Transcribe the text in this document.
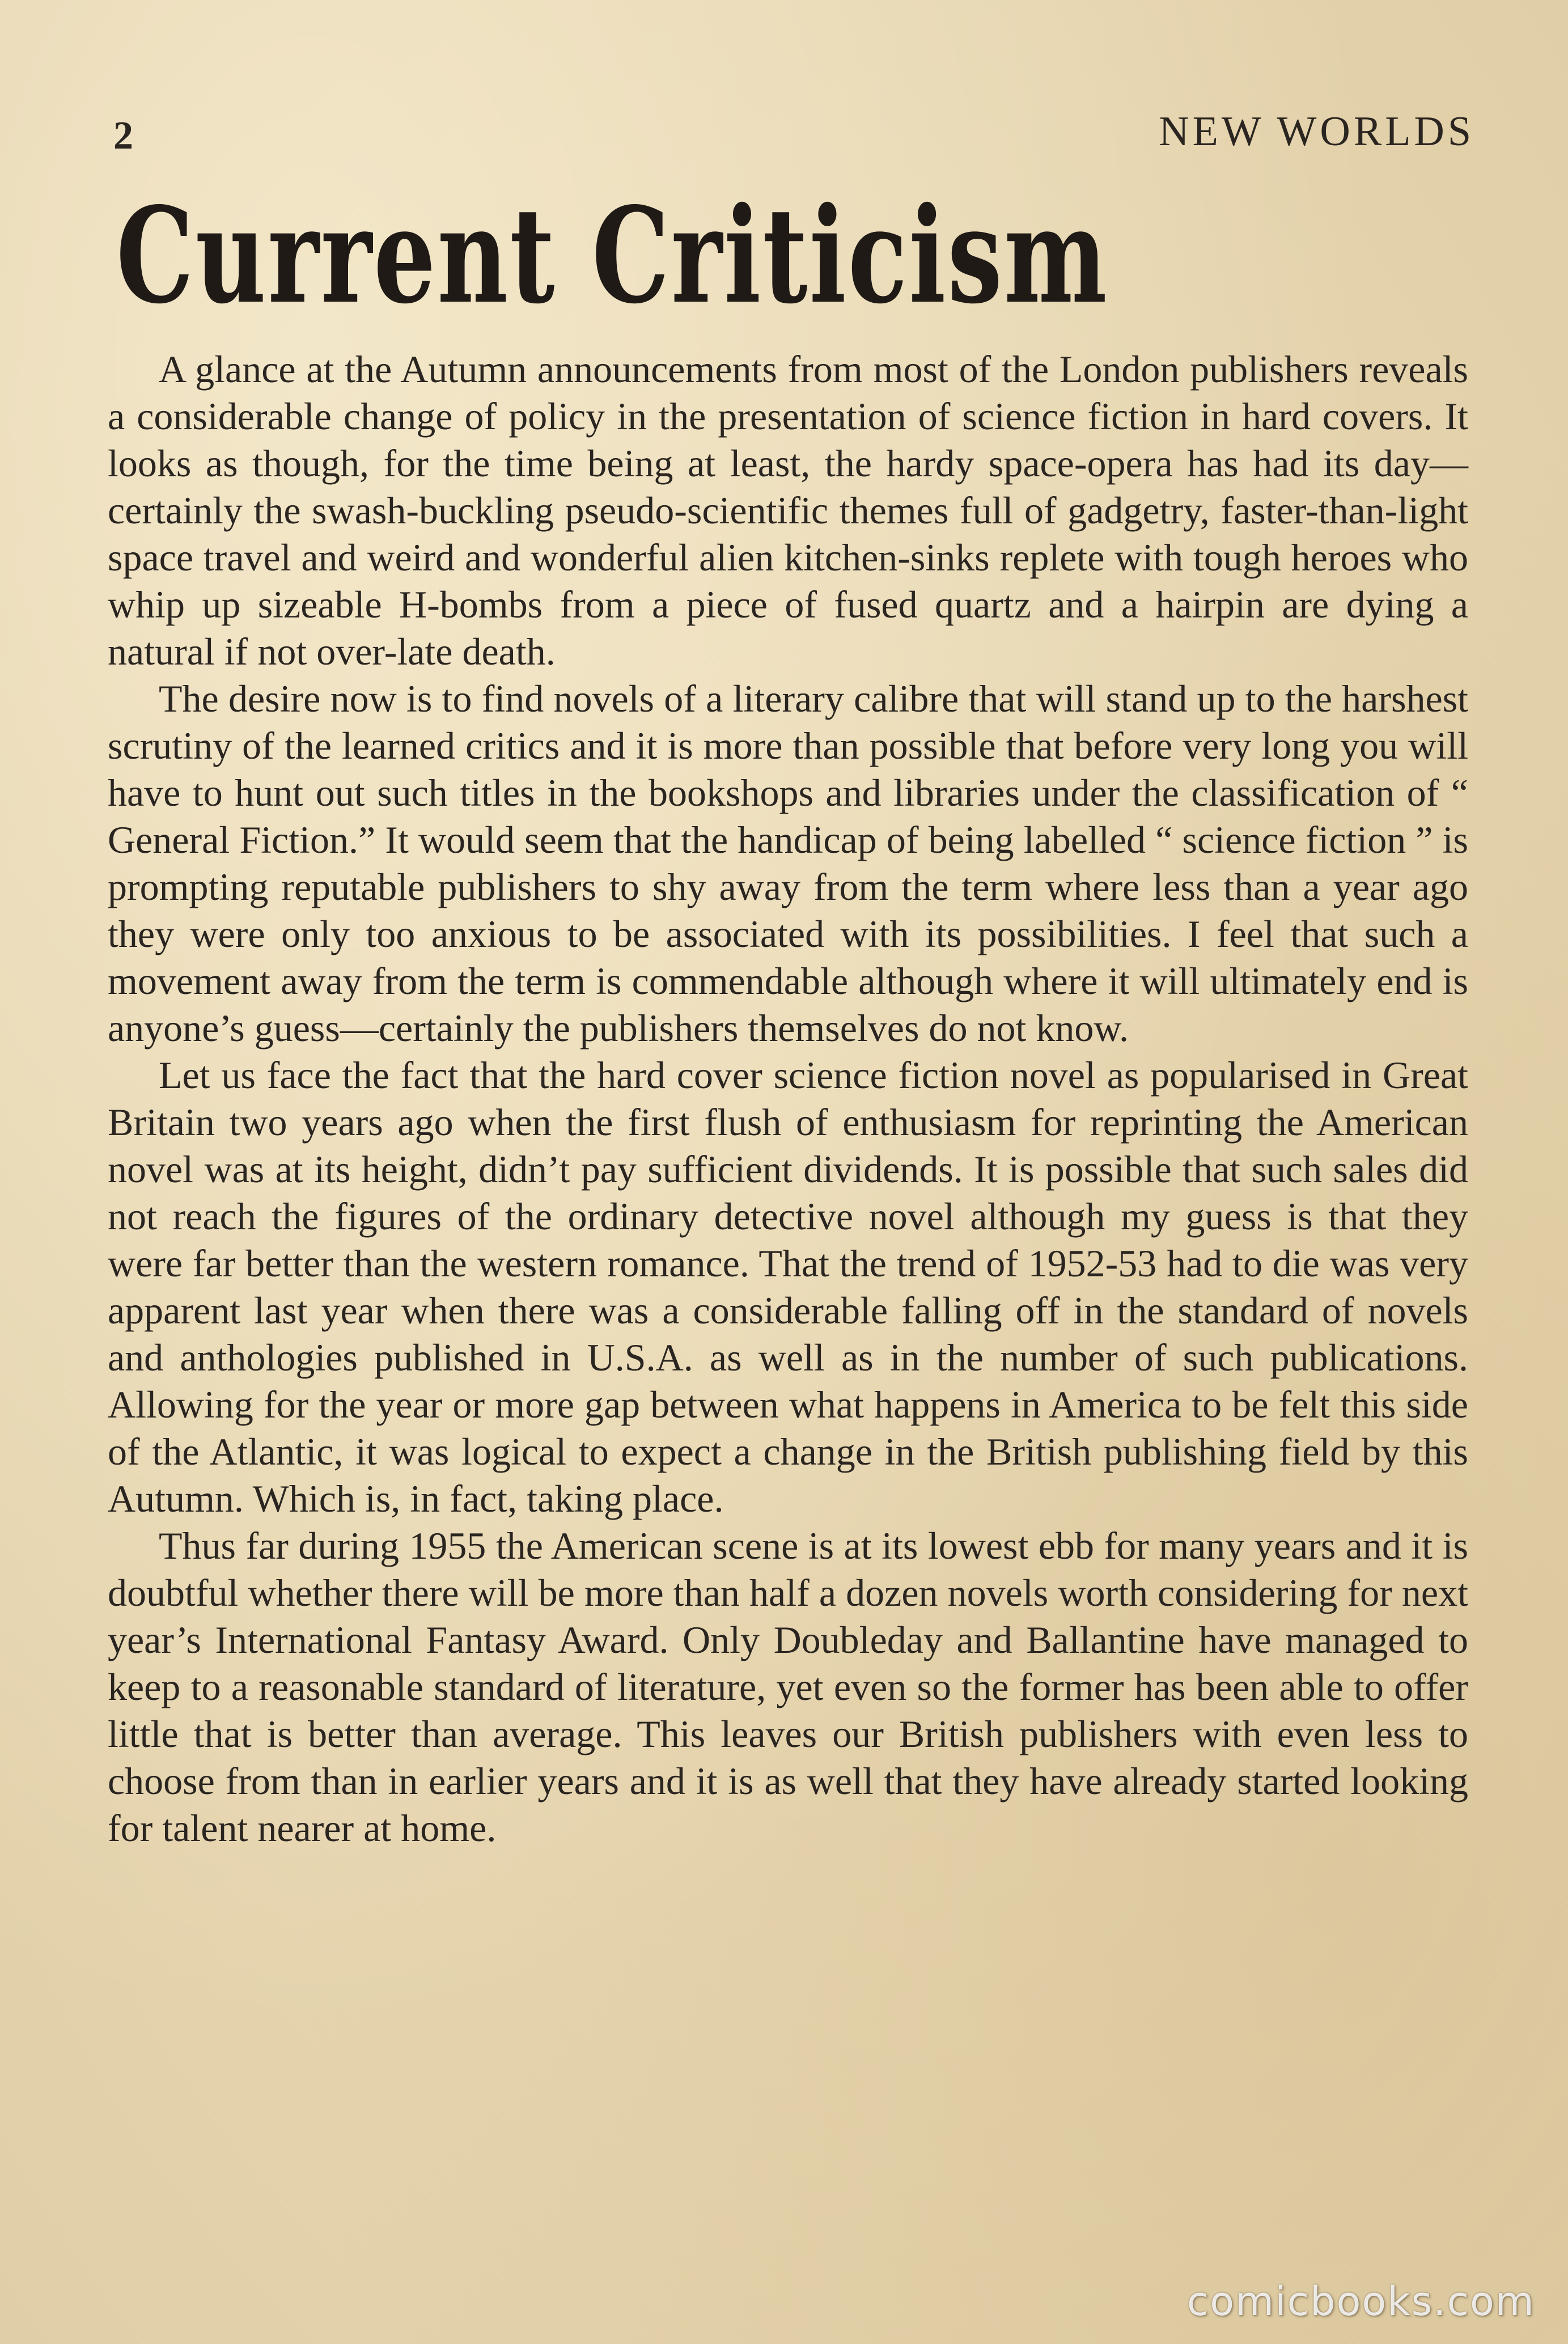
2	NEW WORLDS
Current Criticism

A glance at the Autumn announcements from most of the London publishers reveals a considerable change of policy in the presentation of science fiction in hard covers. It looks as though, for the time being at least, the hardy space-opera has had its day—certainly the swash-buckling pseudo-scientific themes full of gadgetry, faster-than-light space travel and weird and wonderful alien kitchen-sinks replete with tough heroes who whip up sizeable H-bombs from a piece of fused quartz and a hairpin are dying a natural if not over-late death.

The desire now is to find novels of a literary calibre that will stand up to the harshest scrutiny of the learned critics and it is more than possible that before very long you will have to hunt out such titles in the bookshops and libraries under the classification of “ General Fiction.” It would seem that the handicap of being labelled “ science fiction ” is prompting reputable publishers to shy away from the term where less than a year ago they were only too anxious to be associated with its possibilities. I feel that such a movement away from the term is commendable although where it will ultimately end is anyone’s guess—certainly the publishers themselves do not know.

Let us face the fact that the hard cover science fiction novel as popularised in Great Britain two years ago when the first flush of enthusiasm for reprinting the American novel was at its height, didn’t pay sufficient dividends. It is possible that such sales did not reach the figures of the ordinary detective novel although my guess is that they were far better than the western romance. That the trend of 1952-53 had to die was very apparent last year when there was a considerable falling off in the standard of novels and anthologies published in U.S.A. as well as in the number of such publications. Allowing for the year or more gap between what happens in America to be felt this side of the Atlantic, it was logical to expect a change in the British publishing field by this Autumn. Which is, in fact, taking place.

Thus far during 1955 the American scene is at its lowest ebb for many years and it is doubtful whether there will be more than half a dozen novels worth considering for next year’s International Fantasy Award. Only Doubleday and Ballantine have managed to keep to a reasonable standard of literature, yet even so the former has been able to offer little that is better than average. This leaves our British publishers with even less to choose from than in earlier years and it is as well that they have already started looking for talent nearer at home.

comicbooks.com
